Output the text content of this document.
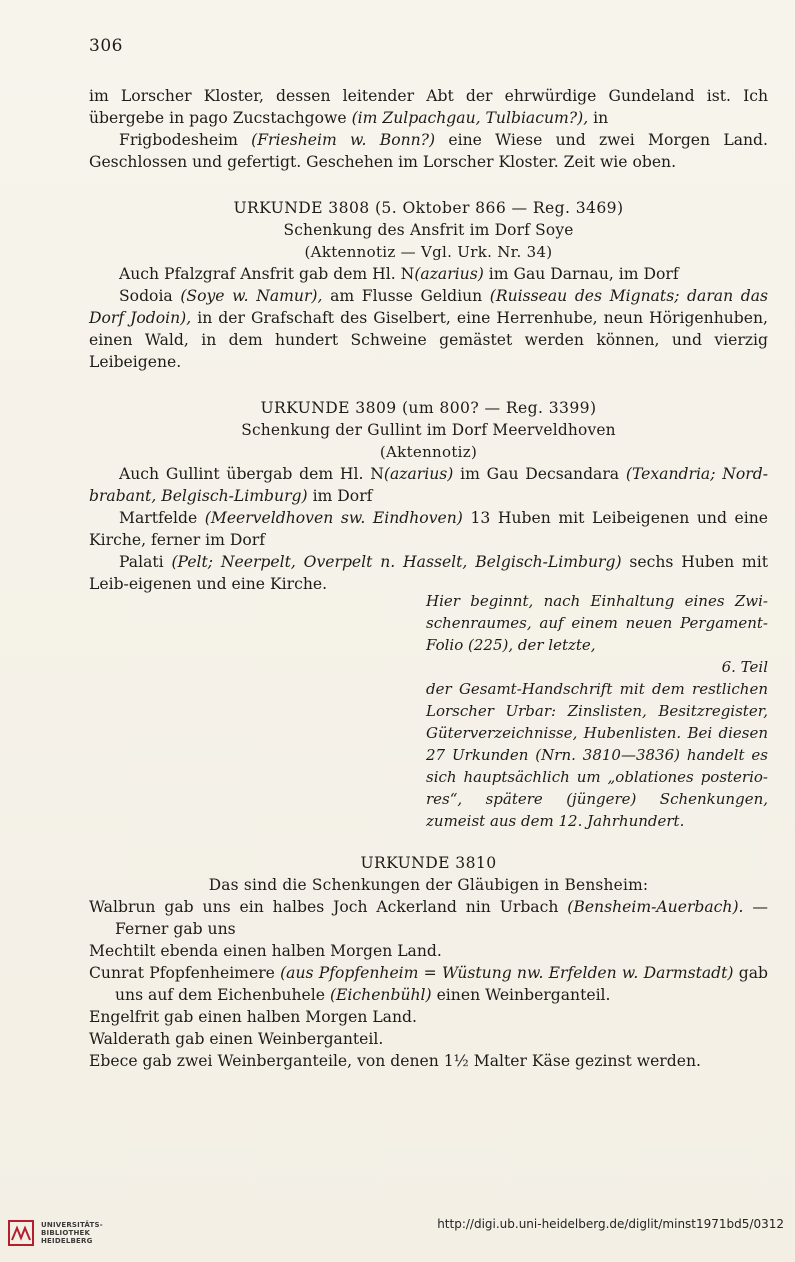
306

im Lorscher Kloster, dessen leitender Abt der ehrwürdige Gundeland ist. Ich übergebe in pago Zucstachgowe (im Zulpachgau, Tulbiacum?), in

Frigbodesheim (Friesheim w. Bonn?) eine Wiese und zwei Morgen Land. Geschlossen und gefertigt. Geschehen im Lorscher Kloster. Zeit wie oben.

URKUNDE 3808 (5. Oktober 866 — Reg. 3469)
Schenkung des Ansfrit im Dorf Soye
(Aktennotiz — Vgl. Urk. Nr. 34)

Auch Pfalzgraf Ansfrit gab dem Hl. N(azarius) im Gau Darnau, im Dorf

Sodoia (Soye w. Namur), am Flusse Geldiun (Ruisseau des Mignats; daran das Dorf Jodoin), in der Grafschaft des Giselbert, eine Herrenhube, neun Hörigenhuben, einen Wald, in dem hundert Schweine gemästet werden können, und vierzig Leibeigene.

URKUNDE 3809 (um 800? — Reg. 3399)
Schenkung der Gullint im Dorf Meerveldhoven
(Aktennotiz)

Auch Gullint übergab dem Hl. N(azarius) im Gau Decsandara (Texandria; Nord-brabant, Belgisch-Limburg) im Dorf

Martfelde (Meerveldhoven sw. Eindhoven) 13 Huben mit Leibeigenen und eine Kirche, ferner im Dorf

Palati (Pelt; Neerpelt, Overpelt n. Hasselt, Belgisch-Limburg) sechs Huben mit Leib-eigenen und eine Kirche.

Hier beginnt, nach Einhaltung eines Zwi-schenraumes, auf einem neuen Pergament-Folio (225), der letzte,
6. Teil
der Gesamt-Handschrift mit dem restlichen Lorscher Urbar: Zinslisten, Besitzregister, Güterverzeichnisse, Hubenlisten. Bei diesen 27 Urkunden (Nrn. 3810—3836) handelt es sich hauptsächlich um „oblationes posterio-res“, spätere (jüngere) Schenkungen, zumeist aus dem 12. Jahrhundert.
URKUNDE 3810
Das sind die Schenkungen der Gläubigen in Bensheim:

Walbrun gab uns ein halbes Joch Ackerland nin Urbach (Bensheim-Auerbach). — Ferner gab uns

Mechtilt ebenda einen halben Morgen Land.

Cunrat Pfopfenheimere (aus Pfopfenheim = Wüstung nw. Erfelden w. Darmstadt) gab uns auf dem Eichenbuhele (Eichenbühl) einen Weinberganteil.

Engelfrit gab einen halben Morgen Land.

Walderath gab einen Weinberganteil.

Ebece gab zwei Weinberganteile, von denen 1½ Malter Käse gezinst werden.

UNIVERSITÄTS-
BIBLIOTHEK
HEIDELBERG
http://digi.ub.uni-heidelberg.de/diglit/minst1971bd5/0312
